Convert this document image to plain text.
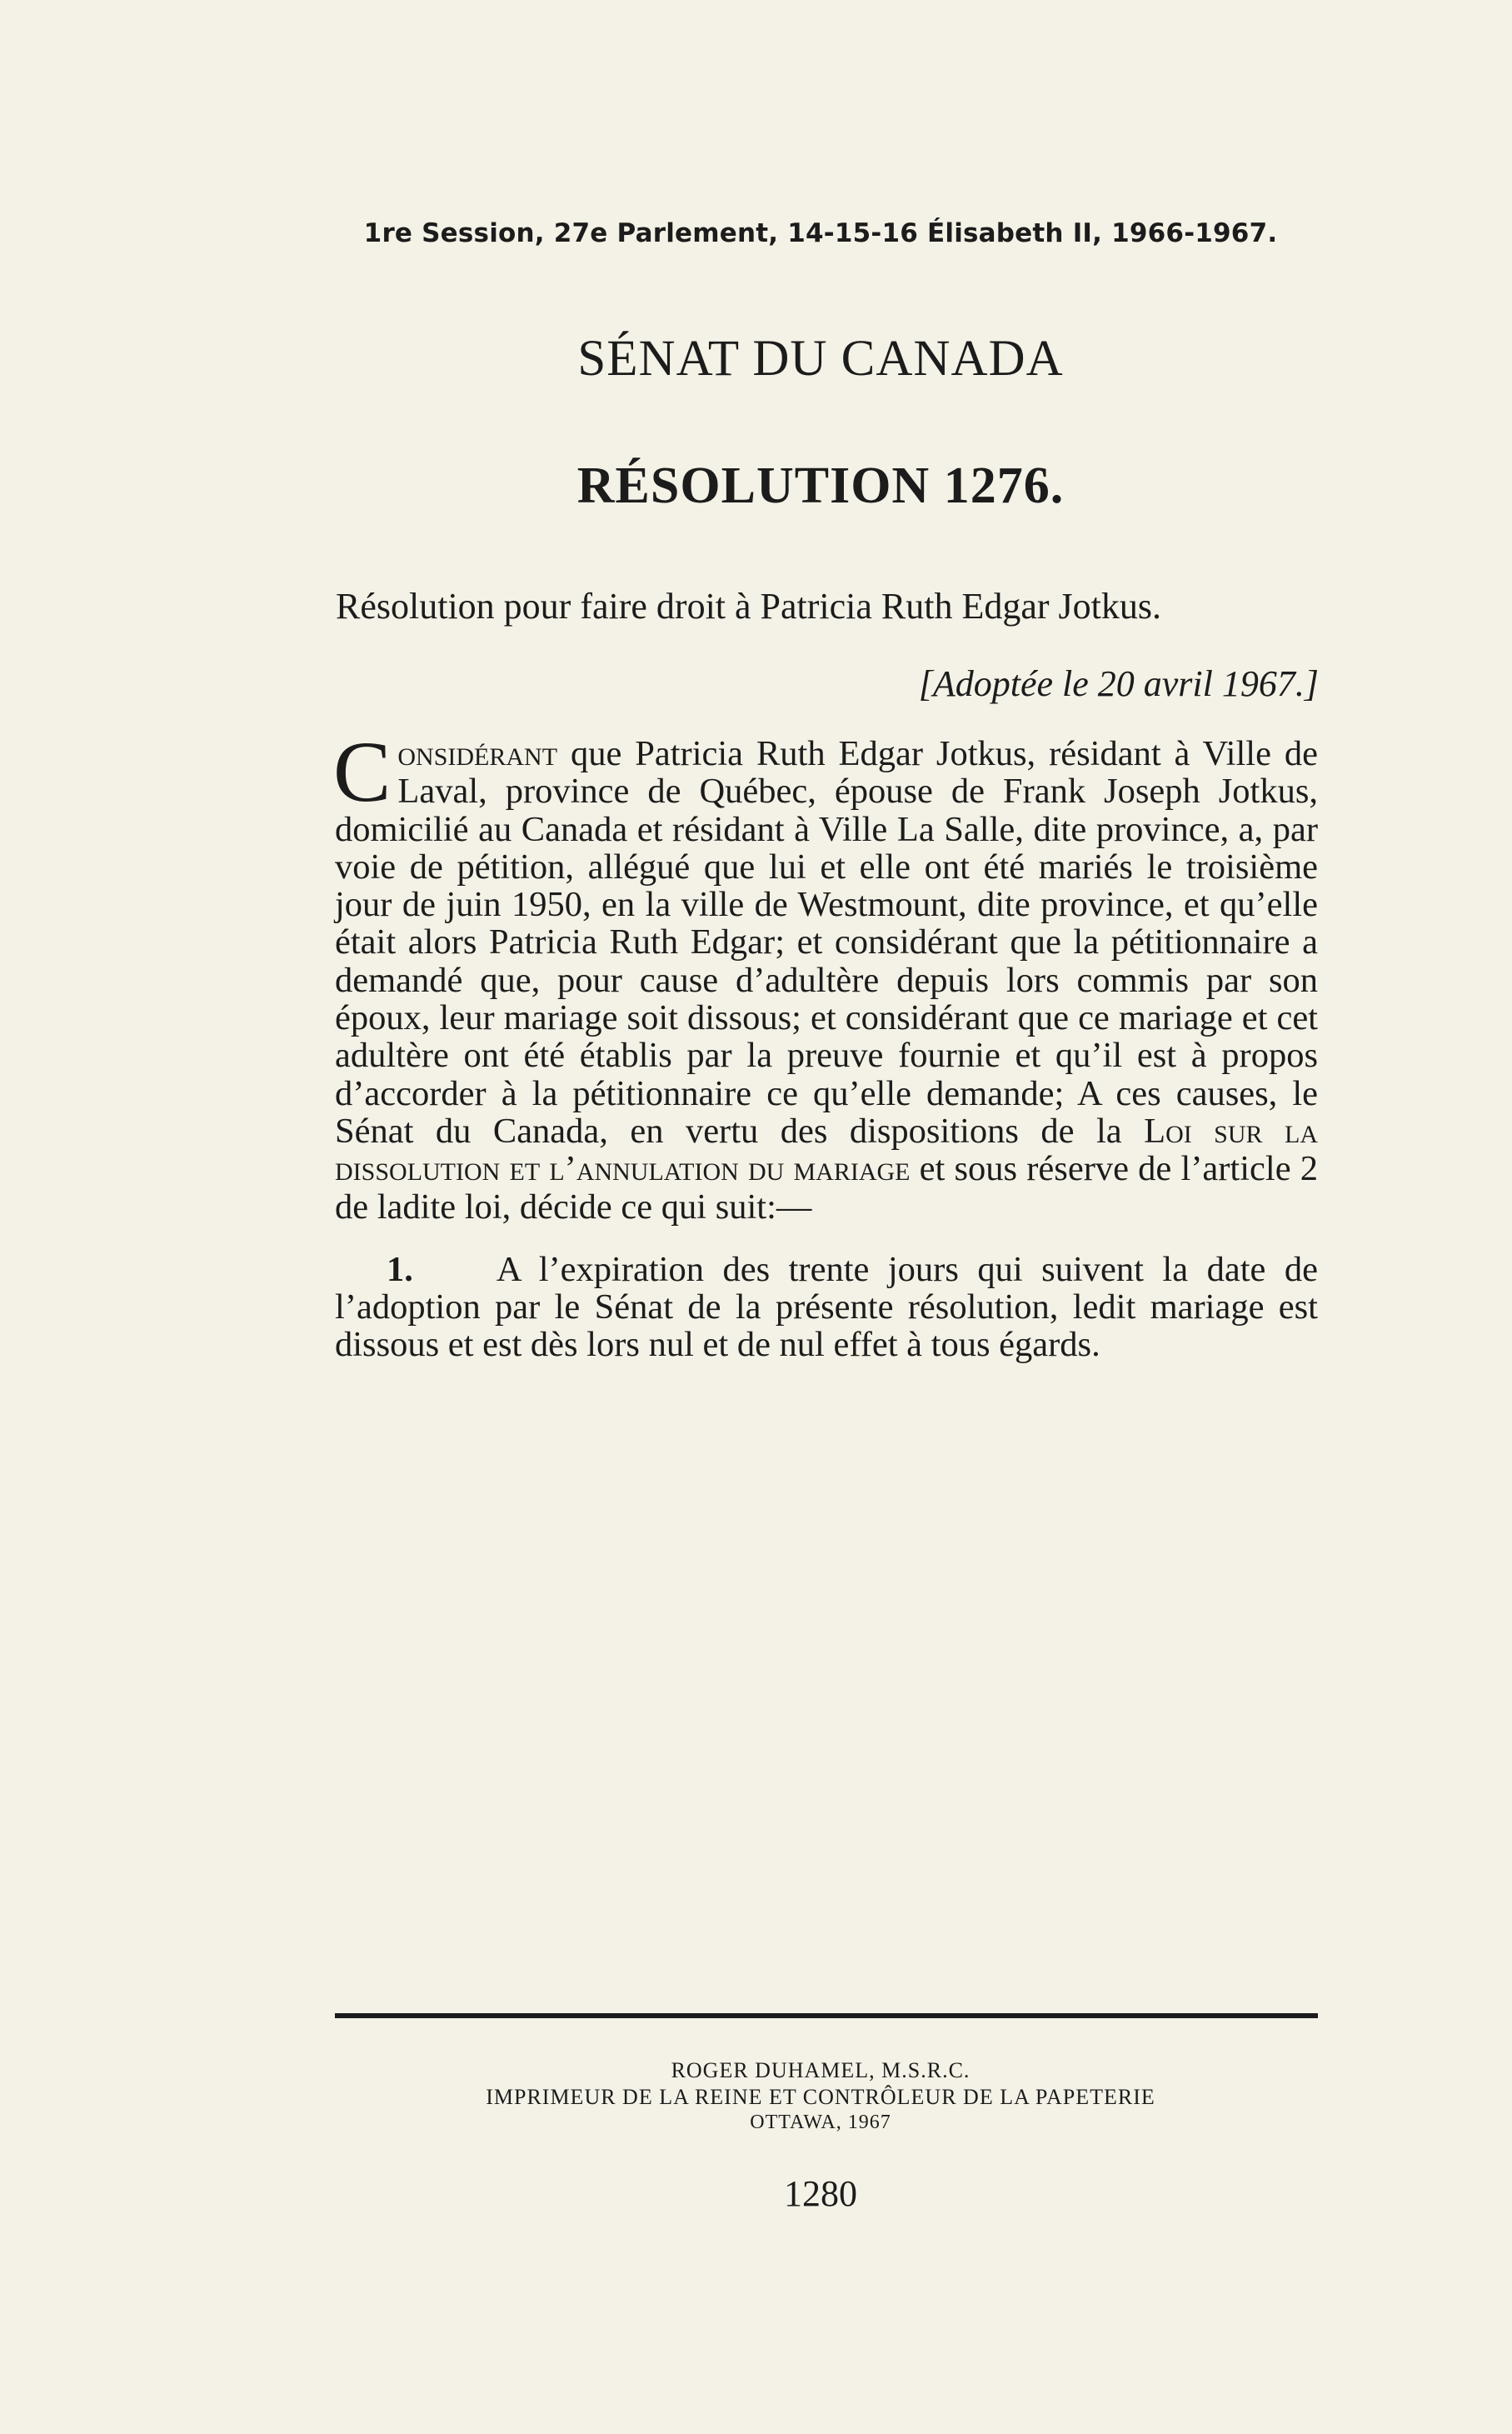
1re Session, 27e Parlement, 14-15-16 Élisabeth II, 1966-1967.
SÉNAT DU CANADA
RÉSOLUTION 1276.
Résolution pour faire droit à Patricia Ruth Edgar Jotkus.
[Adoptée le 20 avril 1967.]

Considérant que Patricia Ruth Edgar Jotkus, résidant à Ville de Laval, province de Québec, épouse de Frank Joseph Jotkus, domicilié au Canada et résidant à Ville La Salle, dite province, a, par voie de pétition, allégué que lui et elle ont été mariés le troisième jour de juin 1950, en la ville de Westmount, dite province, et qu’elle était alors Patricia Ruth Edgar; et considérant que la pétitionnaire a demandé que, pour cause d’adultère depuis lors commis par son époux, leur mariage soit dissous; et considérant que ce mariage et cet adultère ont été établis par la preuve fournie et qu’il est à propos d’accorder à la pétitionnaire ce qu’elle demande; A ces causes, le Sénat du Canada, en vertu des dispositions de la Loi sur la dissolution et l’annulation du mariage et sous réserve de l’article 2 de ladite loi, décide ce qui suit:—

1. A l’expiration des trente jours qui suivent la date de l’adoption par le Sénat de la présente résolution, ledit mariage est dissous et est dès lors nul et de nul effet à tous égards.

ROGER DUHAMEL, M.S.R.C.
IMPRIMEUR DE LA REINE ET CONTRÔLEUR DE LA PAPETERIE
OTTAWA, 1967
1280
